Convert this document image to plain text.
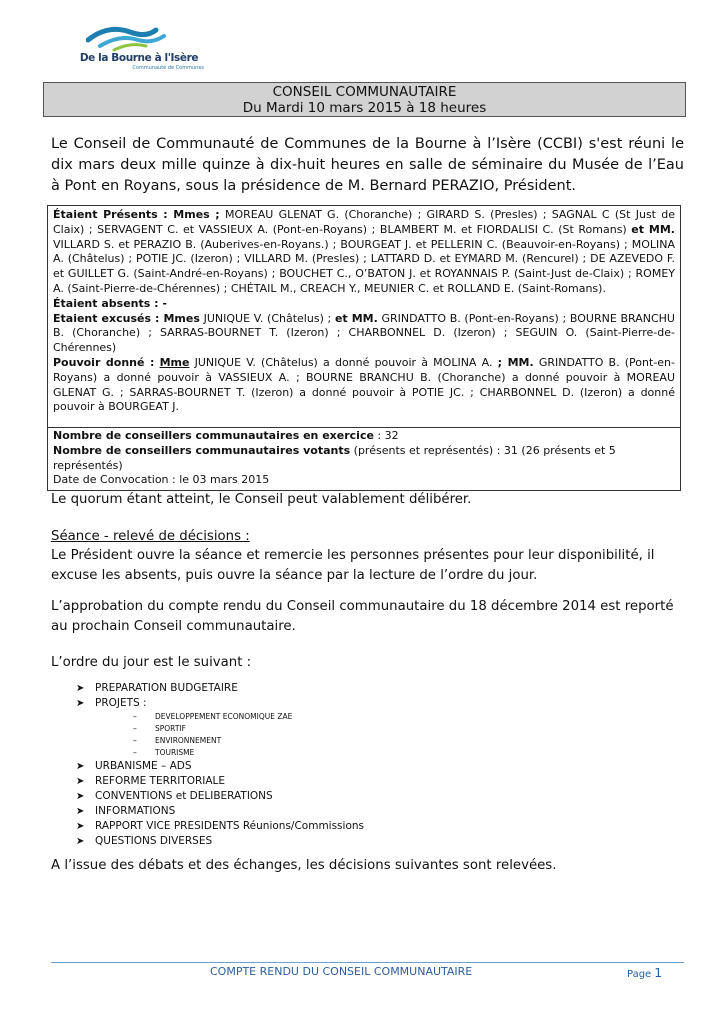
De la Bourne à l'Isère
Communauté de Communes
CONSEIL COMMUNAUTAIRE
Du Mardi 10 mars 2015 à 18 heures
Le Conseil de Communauté de Communes de la Bourne à l’Isère (CCBI) s'est réuni le dix mars deux mille quinze à dix-huit heures en salle de séminaire du Musée de l’Eau à Pont en Royans, sous la présidence de M. Bernard PERAZIO, Président.

Étaient Présents : Mmes ; MOREAU GLENAT G. (Choranche) ; GIRARD S. (Presles) ; SAGNAL C (St Just de Claix) ; SERVAGENT C. et VASSIEUX A. (Pont-en-Royans) ; BLAMBERT M. et FIORDALISI C. (St Romans) et MM. VILLARD S. et PERAZIO B. (Auberives-en-Royans.) ; BOURGEAT J. et PELLERIN C. (Beauvoir-en-Royans) ; MOLINA A. (Châtelus) ; POTIE JC. (Izeron) ; VILLARD M. (Presles) ; LATTARD D. et EYMARD M. (Rencurel) ; DE AZEVEDO F. et GUILLET G. (Saint-André-en-Royans) ; BOUCHET C., O’BATON J. et ROYANNAIS P. (Saint-Just de-Claix) ; ROMEY A. (Saint-Pierre-de-Chérennes) ; CHÉTAIL M., CREACH Y., MEUNIER C. et ROLLAND E. (Saint-Romans).

Étaient absents : -

Etaient excusés : Mmes JUNIQUE V. (Châtelus) ; et MM. GRINDATTO B. (Pont-en-Royans) ; BOURNE BRANCHU B. (Choranche) ; SARRAS-BOURNET T. (Izeron) ; CHARBONNEL D. (Izeron) ; SEGUIN O. (Saint-Pierre-de-Chérennes)

Pouvoir donné : Mme JUNIQUE V. (Châtelus) a donné pouvoir à MOLINA A. ; MM. GRINDATTO B. (Pont-en-Royans) a donné pouvoir à VASSIEUX A. ; BOURNE BRANCHU B. (Choranche) a donné pouvoir à MOREAU GLENAT G. ; SARRAS-BOURNET T. (Izeron) a donné pouvoir à POTIE JC. ; CHARBONNEL D. (Izeron) a donné pouvoir à BOURGEAT J.

Nombre de conseillers communautaires en exercice : 32

Nombre de conseillers communautaires votants (présents et représentés) : 31 (26 présents et 5 représentés)

Date de Convocation : le 03 mars 2015

Le quorum étant atteint, le Conseil peut valablement délibérer.
Séance - relevé de décisions :
Le Président ouvre la séance et remercie les personnes présentes pour leur disponibilité, il excuse les absents, puis ouvre la séance par la lecture de l’ordre du jour.
L’approbation du compte rendu du Conseil communautaire du 18 décembre 2014 est reporté au prochain Conseil communautaire.
L’ordre du jour est le suivant :
➤ PREPARATION BUDGETAIRE
➤ PROJETS :
– DEVELOPPEMENT ECONOMIQUE ZAE
– SPORTIF
– ENVIRONNEMENT
– TOURISME
➤ URBANISME – ADS
➤ REFORME TERRITORIALE
➤ CONVENTIONS et DELIBERATIONS
➤ INFORMATIONS
➤ RAPPORT VICE PRESIDENTS Réunions/Commissions
➤ QUESTIONS DIVERSES
A l’issue des débats et des échanges, les décisions suivantes sont relevées.
COMPTE RENDU DU CONSEIL COMMUNAUTAIRE	Page 1
